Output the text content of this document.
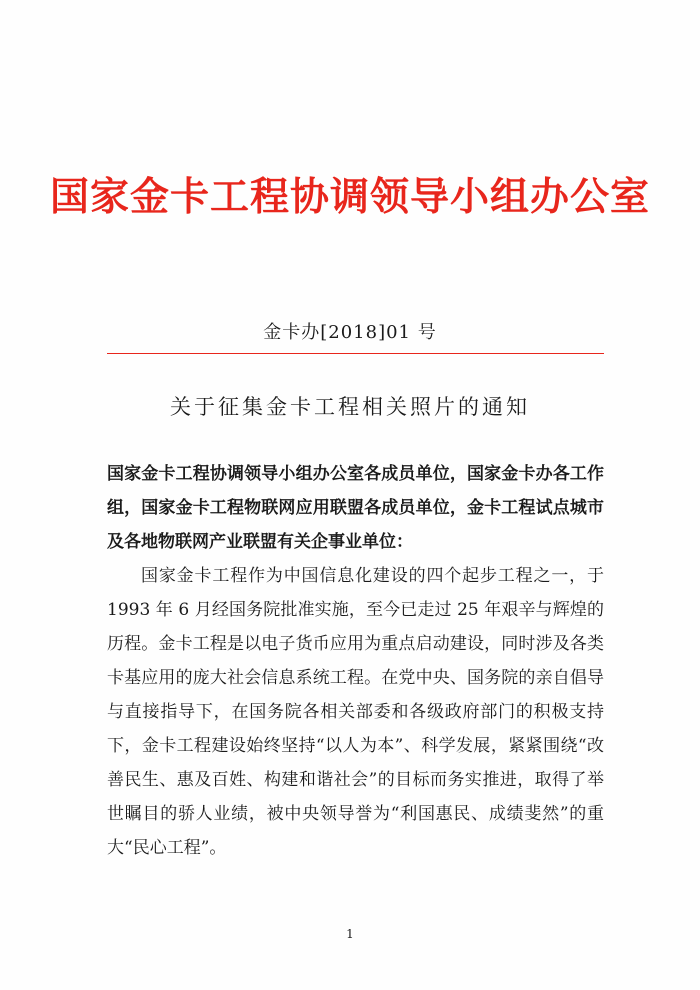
国家金卡工程协调领导小组办公室
金卡办[2018]01 号
关于征集金卡工程相关照片的通知

国家金卡工程协调领导小组办公室各成员单位，国家金卡办各工作组，国家金卡工程物联网应用联盟各成员单位，金卡工程试点城市及各地物联网产业联盟有关企事业单位：

国家金卡工程作为中国信息化建设的四个起步工程之一，于1993 年 6 月经国务院批准实施，至今已走过 25 年艰辛与辉煌的历程。金卡工程是以电子货币应用为重点启动建设，同时涉及各类卡基应用的庞大社会信息系统工程。在党中央、国务院的亲自倡导与直接指导下，在国务院各相关部委和各级政府部门的积极支持下，金卡工程建设始终坚持“以人为本”、科学发展，紧紧围绕“改善民生、惠及百姓、构建和谐社会”的目标而务实推进，取得了举世瞩目的骄人业绩，被中央领导誉为“利国惠民、成绩斐然”的重大“民心工程”。

1
